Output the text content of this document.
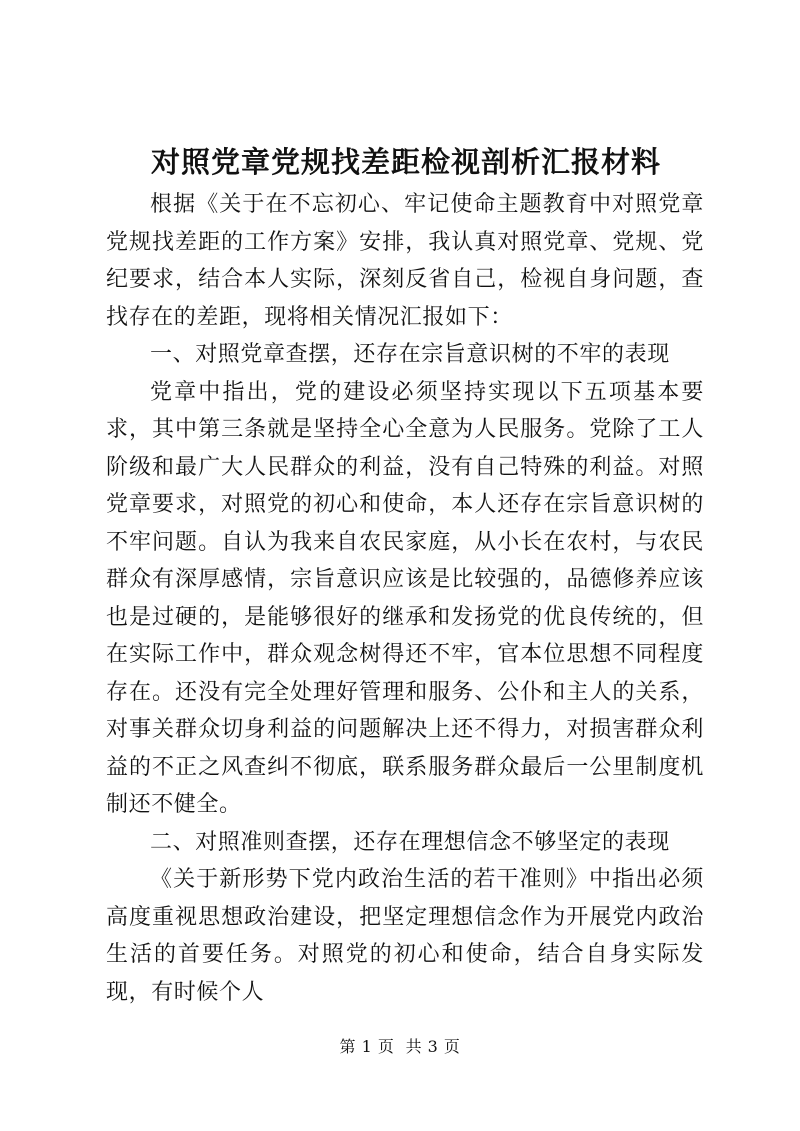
对照党章党规找差距检视剖析汇报材料

根据《关于在不忘初心、牢记使命主题教育中对照党章党规找差距的工作方案》安排，我认真对照党章、党规、党纪要求，结合本人实际，深刻反省自己，检视自身问题，查找存在的差距，现将相关情况汇报如下：

一、对照党章查摆，还存在宗旨意识树的不牢的表现

党章中指出，党的建设必须坚持实现以下五项基本要求，其中第三条就是坚持全心全意为人民服务。党除了工人阶级和最广大人民群众的利益，没有自己特殊的利益。对照党章要求，对照党的初心和使命，本人还存在宗旨意识树的不牢问题。自认为我来自农民家庭，从小长在农村，与农民群众有深厚感情，宗旨意识应该是比较强的，品德修养应该也是过硬的，是能够很好的继承和发扬党的优良传统的，但在实际工作中，群众观念树得还不牢，官本位思想不同程度存在。还没有完全处理好管理和服务、公仆和主人的关系，对事关群众切身利益的问题解决上还不得力，对损害群众利益的不正之风查纠不彻底，联系服务群众最后一公里制度机制还不健全。

二、对照准则查摆，还存在理想信念不够坚定的表现

《关于新形势下党内政治生活的若干准则》中指出必须高度重视思想政治建设，把坚定理想信念作为开展党内政治生活的首要任务。对照党的初心和使命，结合自身实际发现，有时候个人

第 1 页 共 3 页
